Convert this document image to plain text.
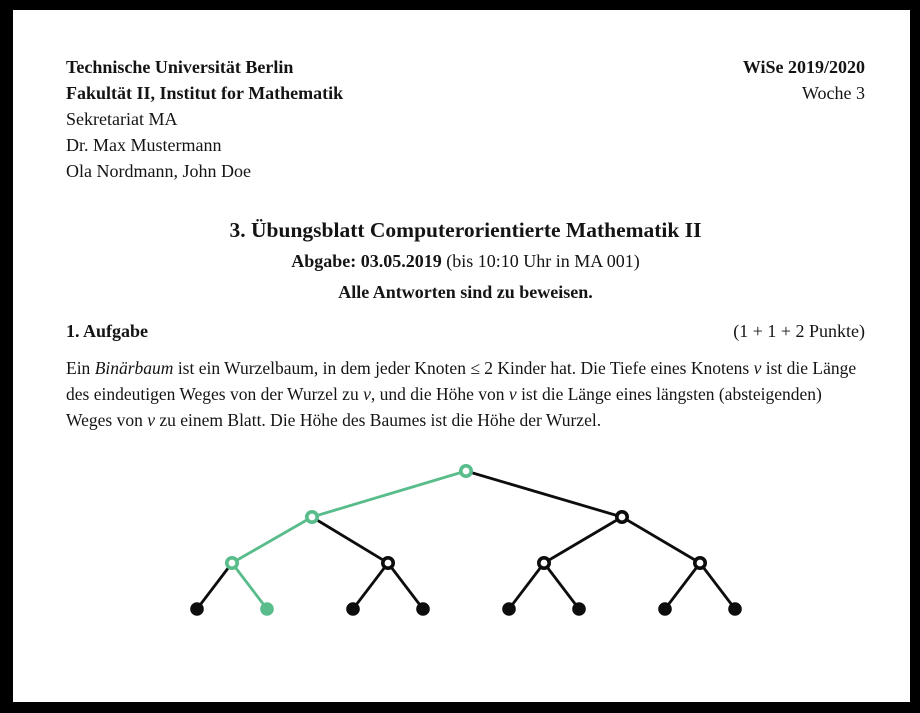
Technische Universität Berlin
Fakultät II, Institut for Mathematik
Sekretariat MA
Dr. Max Mustermann
Ola Nordmann, John Doe
WiSe 2019/2020
Woche 3
3. Übungsblatt Computerorientierte Mathematik II
Abgabe: 03.05.2019 (bis 10:10 Uhr in MA 001)
Alle Antworten sind zu beweisen.
1. Aufgabe	(1 + 1 + 2 Punkte)

Ein Binärbaum ist ein Wurzelbaum, in dem jeder Knoten ≤ 2 Kinder hat. Die Tiefe eines Knotens v ist die Länge des eindeutigen Weges von der Wurzel zu v, und die Höhe von v ist die Länge eines längsten (absteigenden) Weges von v zu einem Blatt. Die Höhe des Baumes ist die Höhe der Wurzel.
